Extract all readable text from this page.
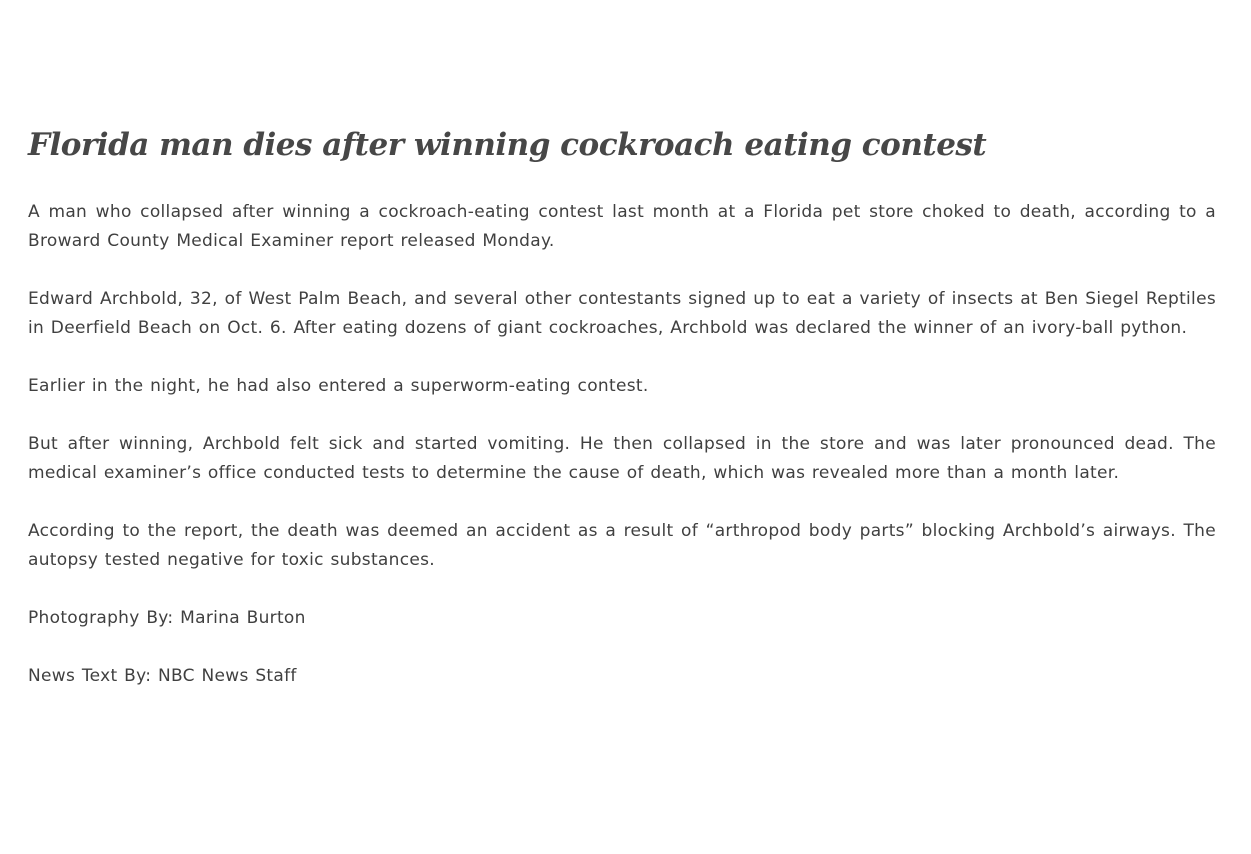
Florida man dies after winning cockroach eating contest

A man who collapsed after winning a cockroach-eating contest last month at a Florida pet store choked to death, according to a Broward County Medical Examiner report released Monday.

Edward Archbold, 32, of West Palm Beach, and several other contestants signed up to eat a variety of insects at Ben Siegel Reptiles in Deerfield Beach on Oct. 6. After eating dozens of giant cockroaches, Archbold was declared the winner of an ivory-ball python.

Earlier in the night, he had also entered a superworm-eating contest.

But after winning, Archbold felt sick and started vomiting. He then collapsed in the store and was later pronounced dead. The medical examiner’s office conducted tests to determine the cause of death, which was revealed more than a month later.

According to the report, the death was deemed an accident as a result of “arthropod body parts” blocking Archbold’s airways. The autopsy tested negative for toxic substances.

Photography By: Marina Burton

News Text By: NBC News Staff
